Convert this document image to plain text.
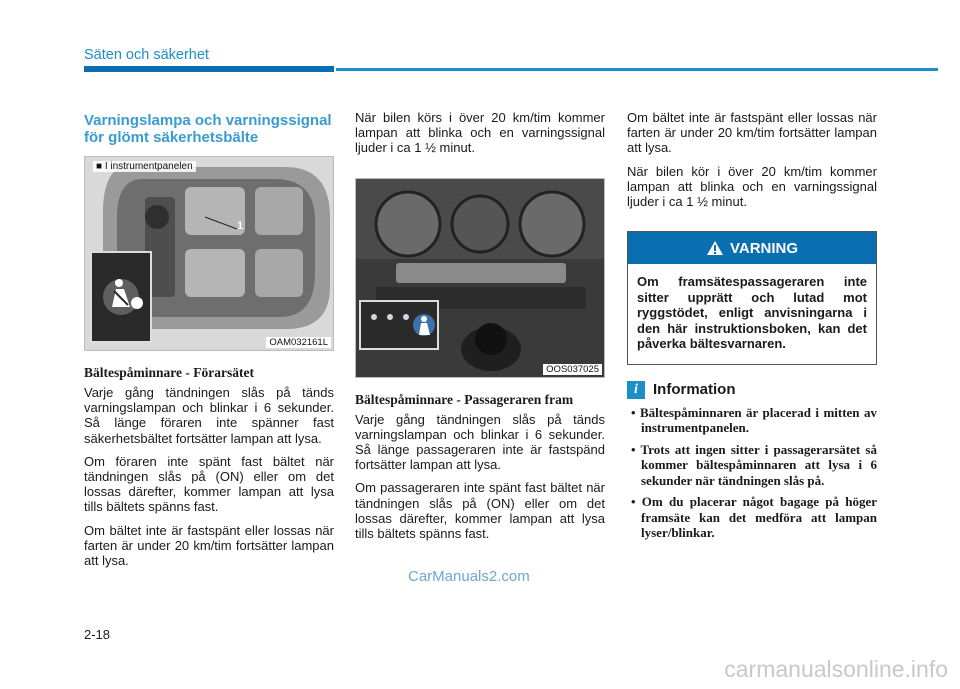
Säten och säkerhet
Varningslampa och varningssignal för glömt säkerhetsbälte
■ I instrumentpanelen
1
OAM032161L
Bältespåminnare - Förarsätet

Varje gång tändningen slås på tänds varningslampan och blinkar i 6 sekunder. Så länge föraren inte spänner fast säkerhetsbältet fortsätter lampan att lysa.

Om föraren inte spänt fast bältet när tändningen slås på (ON) eller om det lossas därefter, kommer lampan att lysa tills bältets spänns fast.

Om bältet inte är fastspänt eller lossas när farten är under 20 km/tim fortsätter lampan att lysa.

När bilen körs i över 20 km/tim kommer lampan att blinka och en varningssignal ljuder i ca 1 ½ minut.

OOS037025
Bältespåminnare - Passageraren fram

Varje gång tändningen slås på tänds varningslampan och blinkar i 6 sekunder. Så länge passageraren inte är fastspänd fortsätter lampan att lysa.

Om passageraren inte spänt fast bältet när tändningen slås på (ON) eller om det lossas därefter, kommer lampan att lysa tills bältets spänns fast.

Om bältet inte är fastspänt eller lossas när farten är under 20 km/tim fortsätter lampan att lysa.

När bilen kör i över 20 km/tim kommer lampan att blinka och en varningssignal ljuder i ca 1 ½ minut.

VARNING
Om framsätespassageraren inte sitter upprätt och lutad mot ryggstödet, enligt anvisningarna i den här instruktionsboken, kan det påverka bältesvarnaren.
i	Information
• Bältespåminnaren är placerad i mitten av instrumentpanelen.
• Trots att ingen sitter i passagerarsätet så kommer bältespåminnaren att lysa i 6 sekunder när tändningen slås på.
• Om du placerar något bagage på höger framsäte kan det medföra att lampan lyser/blinkar.
CarManuals2.com
2-18
carmanualsonline.info
